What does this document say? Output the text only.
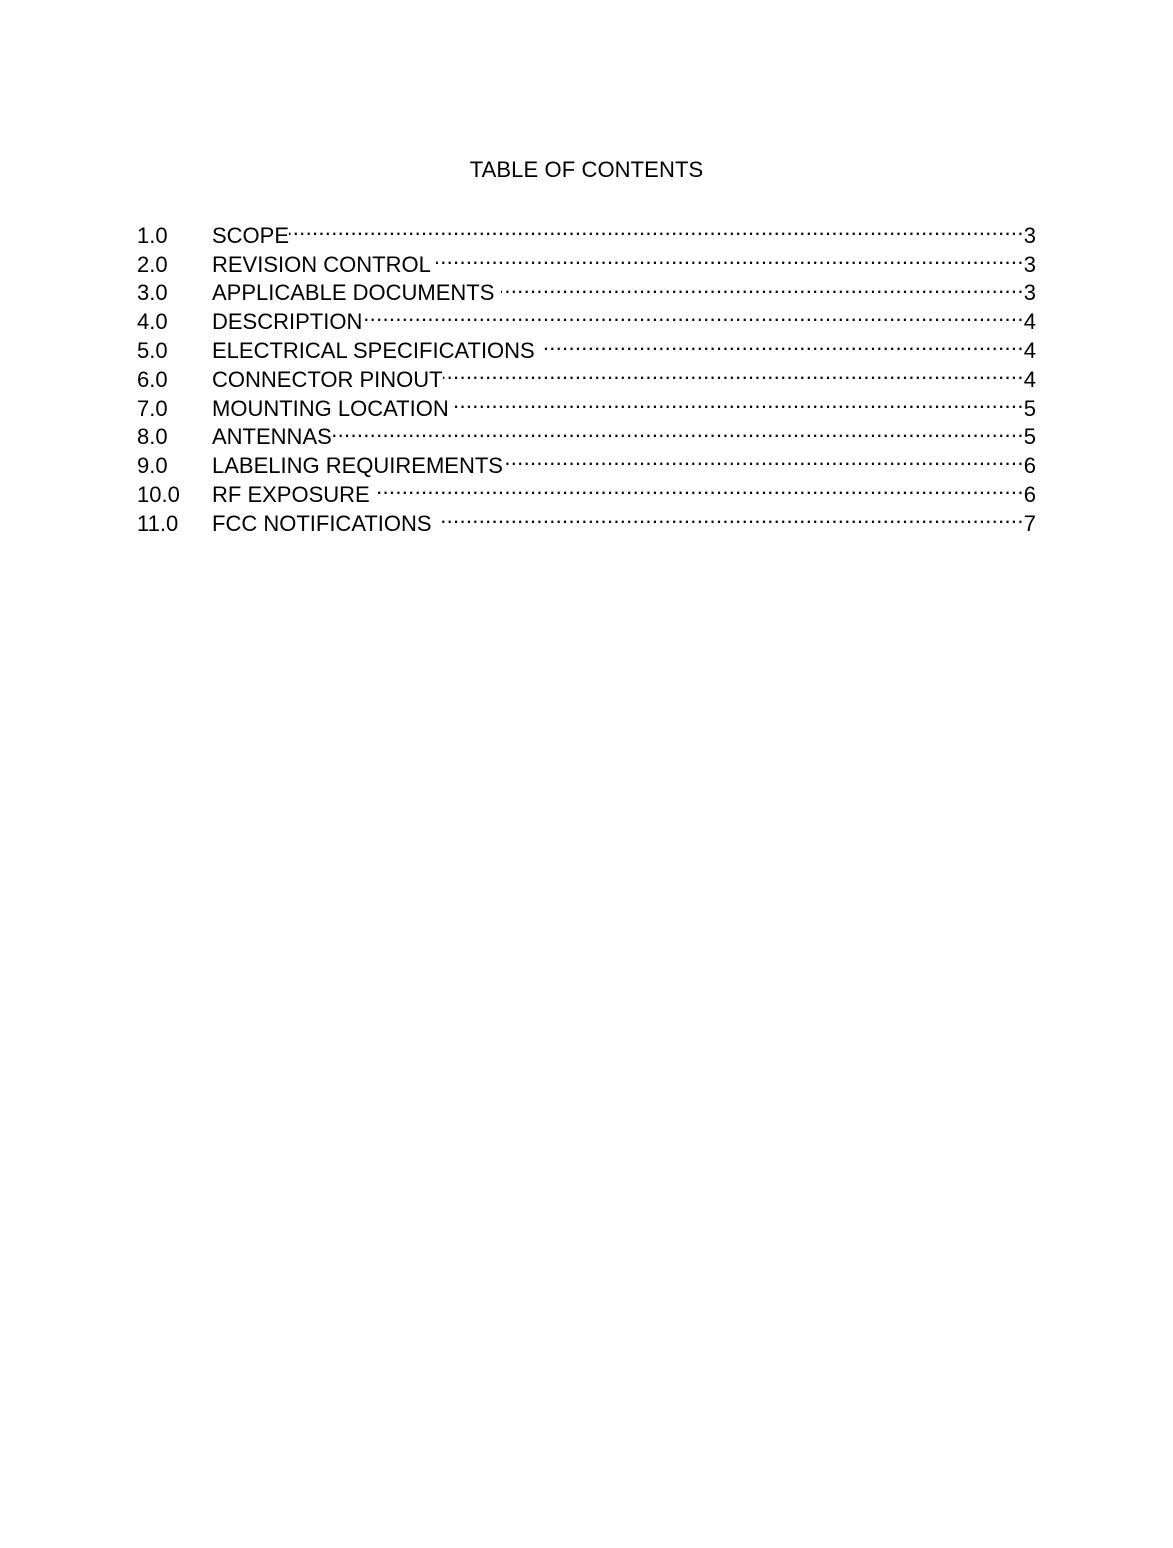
TABLE OF CONTENTS
1.0	SCOPE .....	3
2.0	REVISION CONTROL .....	3
3.0	APPLICABLE DOCUMENTS .....	3
4.0	DESCRIPTION .....	4
5.0	ELECTRICAL SPECIFICATIONS .....	4
6.0	CONNECTOR PINOUT .....	4
7.0	MOUNTING LOCATION .....	5
8.0	ANTENNAS .....	5
9.0	LABELING REQUIREMENTS .....	6
10.0	RF EXPOSURE .....	6
11.0	FCC NOTIFICATIONS .....	7
